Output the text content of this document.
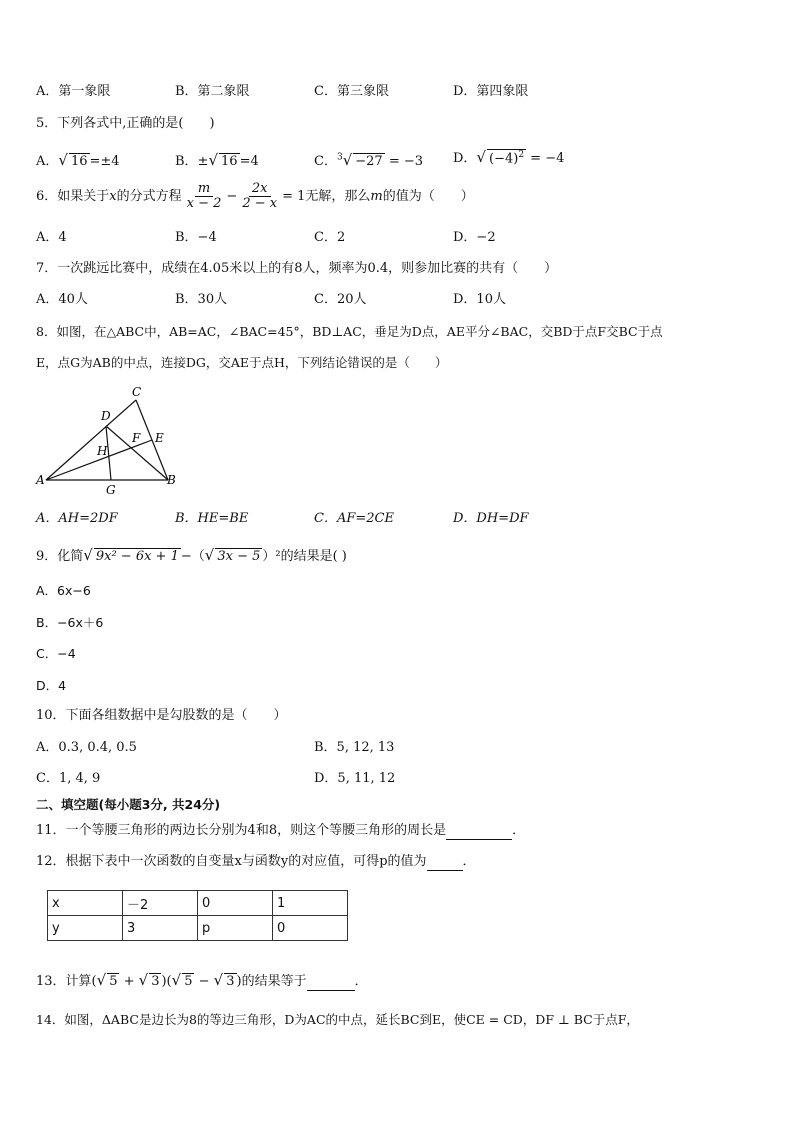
A．第一象限	B．第二象限	C．第三象限	D．第四象限
5．下列各式中,正确的是(　　)
A．√ 16 =±4	B．±√ 16 =4	C．$^3$√ −27 = −3 D．√ $(-4)^2 = -4$
6．如果关于 x 的分式方程 $\frac{m}{x - 2} - \frac{2x}{2 - x} = 1$无解，那么 m 的值为（　　）
A．4	B．−4	C．2	D．−2
7．一次跳远比赛中，成绩在4.05米以上的有8人，频率为0.4，则参加比赛的共有（　　）
A．40人	B．30人	C．20人	D．10人
8．如图，在△ABC中，AB=AC，∠BAC=45°，BD⊥AC，垂足为D点，AE平分∠BAC，交BD于点F交BC于点
E，点G为AB的中点，连接DG，交AE于点H，下列结论错误的是（　　）
C
D
F E
H
A	B
G
A．AH=2DF	B．HE=BE	C．AF=2CE	D．DH=DF
9．化简√ 9x² − 6x + 1 −（√ 3x − 5 ）²的结果是( )
A．6x−6
B．−6x＋6
C．−4
D．4
10．下面各组数据中是勾股数的是（　　）
A．0.3, 0.4, 0.5	B．5, 12, 13
C．1, 4, 9	D．5, 11, 12
二、填空题(每小题3分, 共24分)
11．一个等腰三角形的两边长分别为4和8，则这个等腰三角形的周长是	．
12．根据下表中一次函数的自变量x与函数y的对应值，可得p的值为	．
x	－2	0	1
y	3	p	0
13．计算(√ 5 + √ 3 )(√ 5 − √ 3 )的结果等于	．
14．如图，ΔABC是边长为8的等边三角形，D为AC的中点，延长BC到E，使CE = CD，DF ⊥ BC于点F，
